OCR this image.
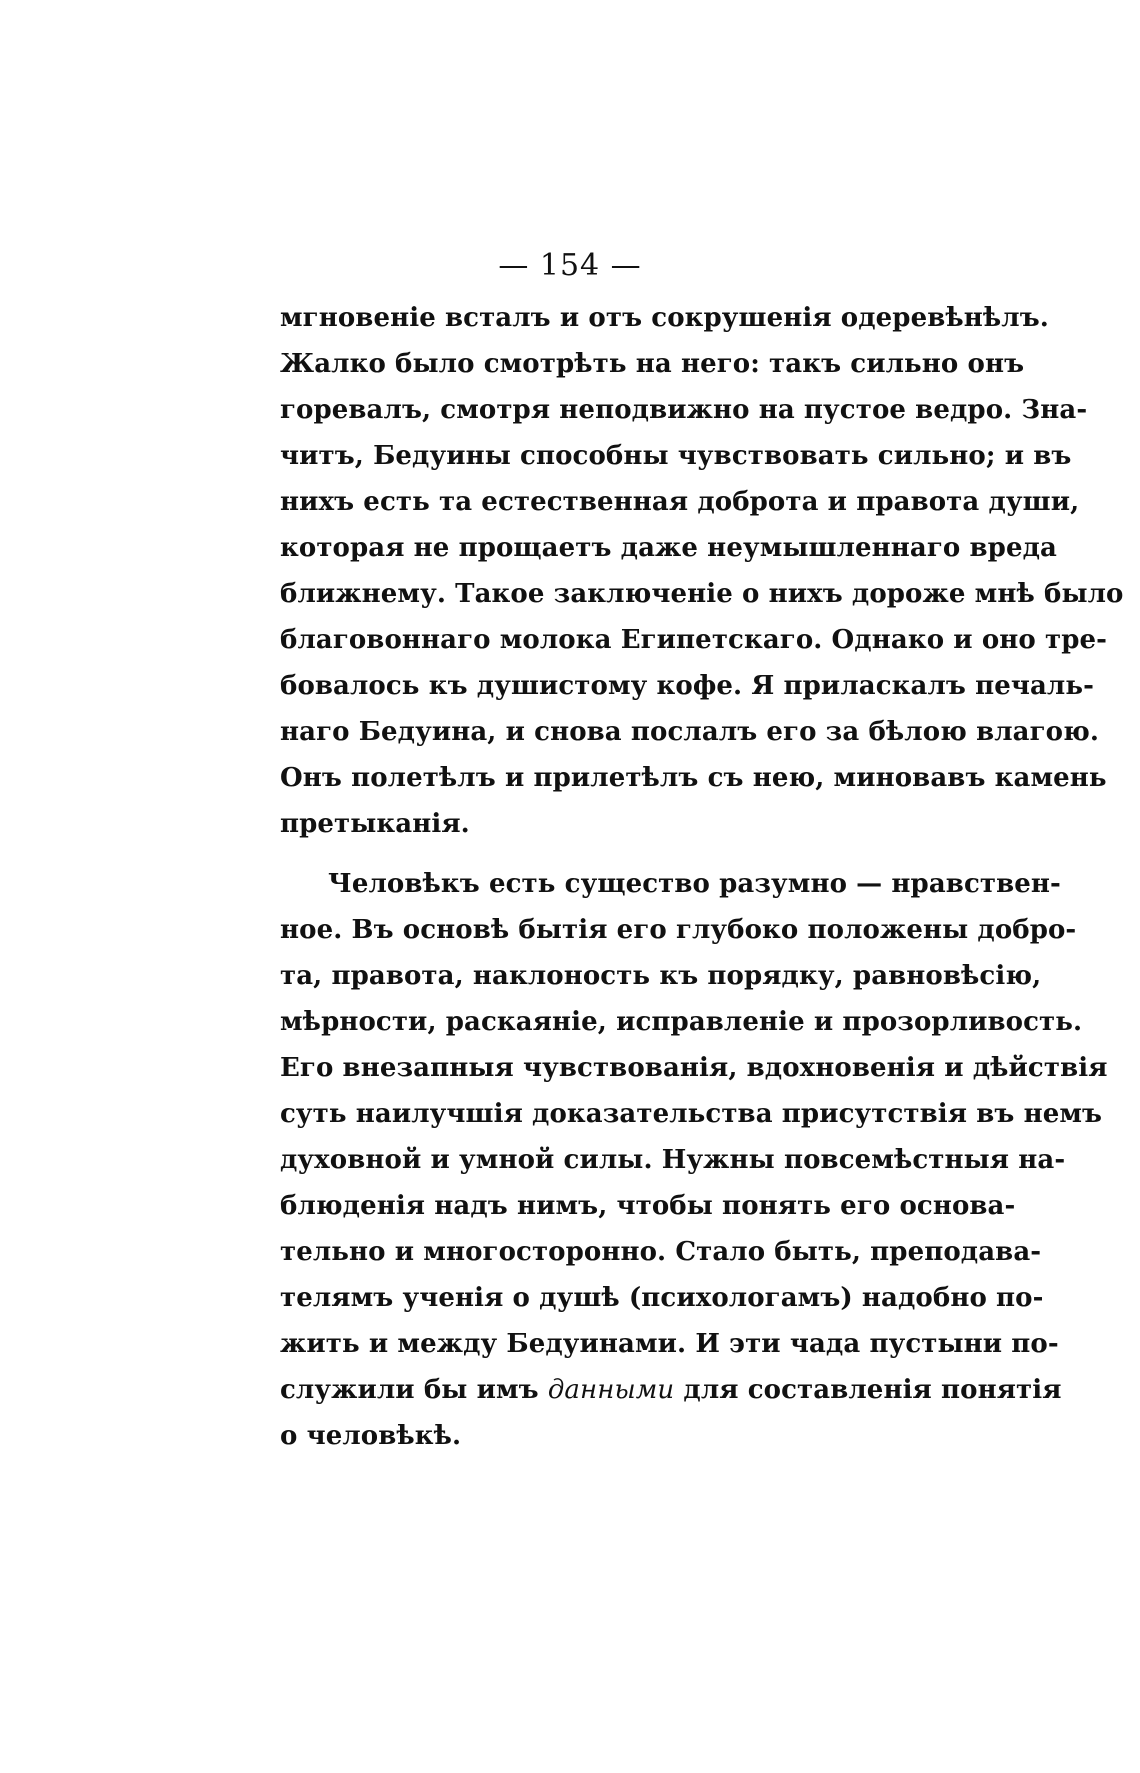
— 154 —
мгновеніе всталъ и отъ сокрушенія одеревѣнѣлъ.
Жалко было смотрѣть на него: такъ сильно онъ
горевалъ, смотря неподвижно на пустое ведро. Зна-
читъ, Бедуины способны чувствовать сильно; и въ
нихъ есть та естественная доброта и правота души,
которая не прощаетъ даже неумышленнаго вреда
ближнему. Такое заключеніе о нихъ дороже мнѣ было
благовоннаго молока Египетскаго. Однако и оно тре-
бовалось къ душистому кофе. Я приласкалъ печаль-
наго Бедуина, и снова послалъ его за бѣлою влагою.
Онъ полетѣлъ и прилетѣлъ съ нею, миновавъ камень
претыканія.
Человѣкъ есть существо разумно — нравствен-
ное. Въ основѣ бытія его глубоко положены добро-
та, правота, наклоность къ порядку, равновѣсію,
мѣрности, раскаяніе, исправленіе и прозорливость.
Его внезапныя чувствованія, вдохновенія и дѣйствія
суть наилучшія доказательства присутствія въ немъ
духовной и умной силы. Нужны повсемѣстныя на-
блюденія надъ нимъ, чтобы понять его основа-
тельно и многосторонно. Стало быть, преподава-
телямъ ученія о душѣ (психологамъ) надобно по-
жить и между Бедуинами. И эти чада пустыни по-
служили бы имъ данными для составленія понятія
о человѣкѣ.
